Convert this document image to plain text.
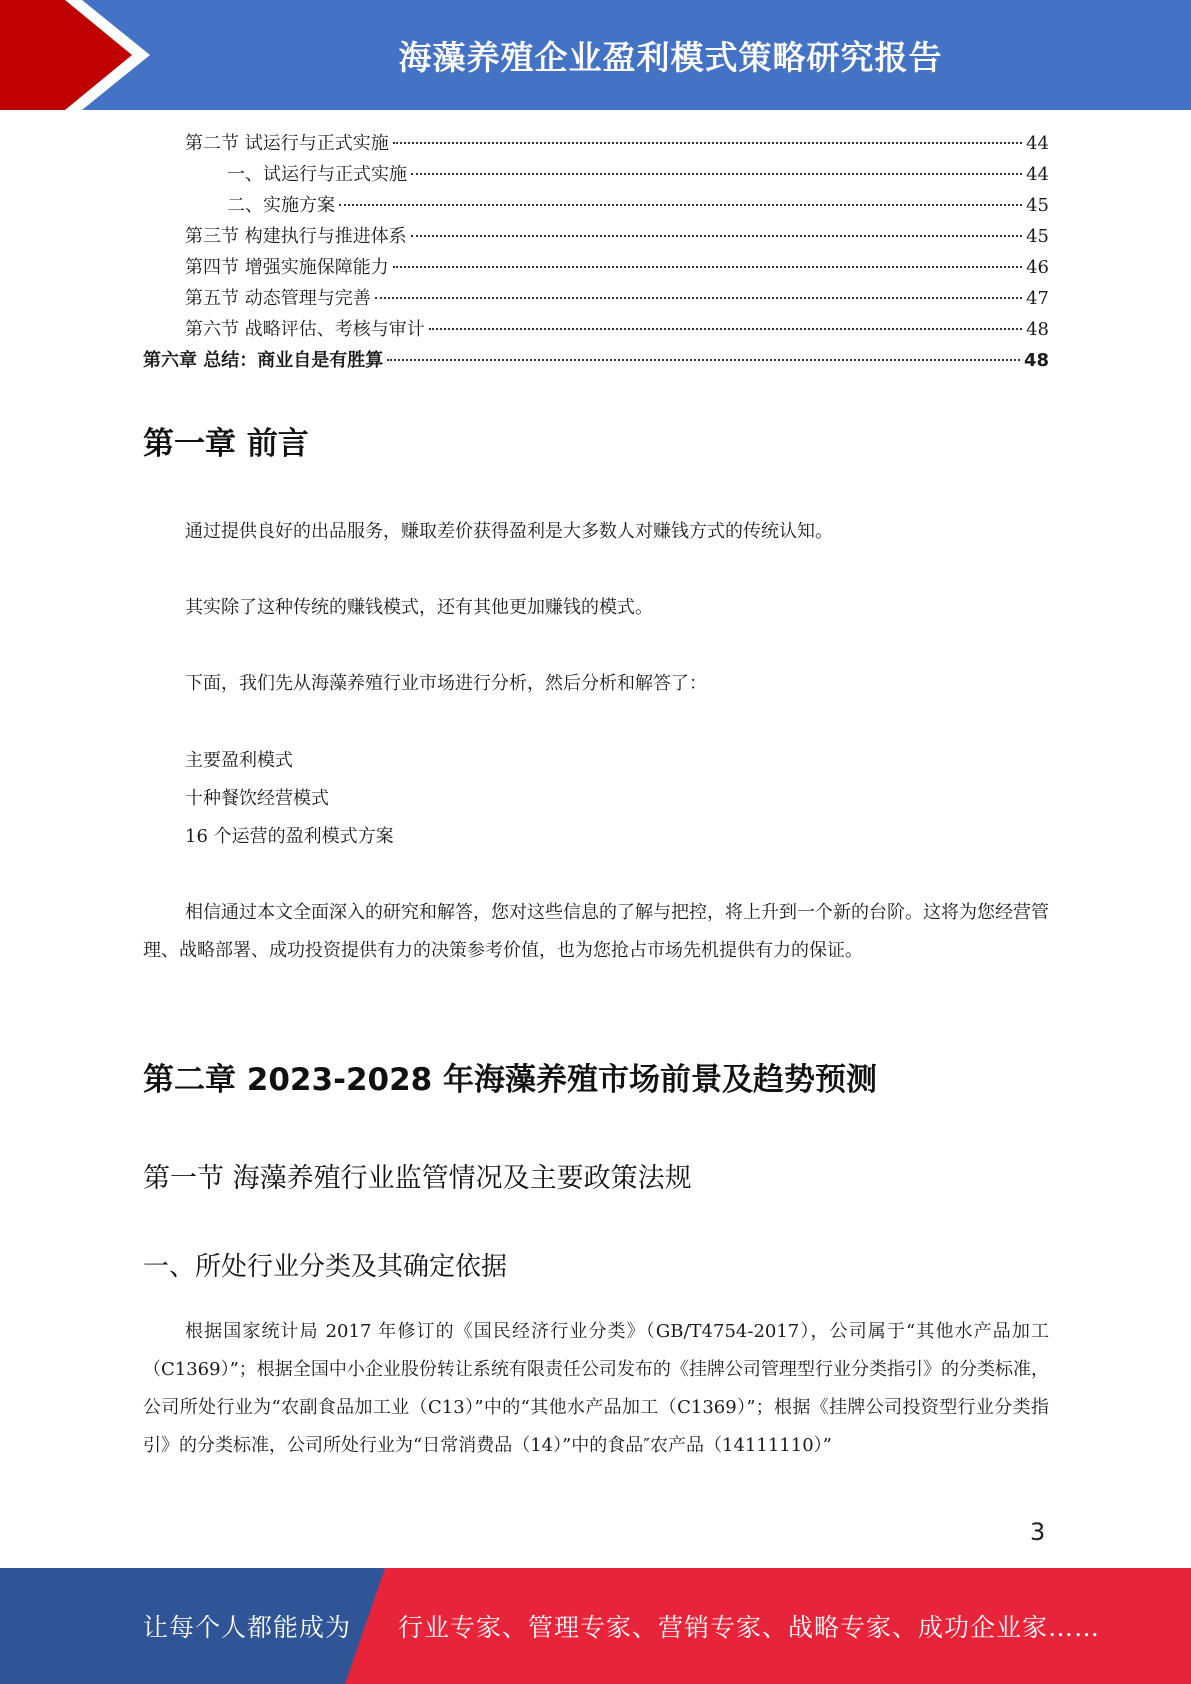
海藻养殖企业盈利模式策略研究报告
第二节 试运行与正式实施	44
一、试运行与正式实施	44
二、实施方案	45
第三节 构建执行与推进体系	45
第四节 增强实施保障能力	46
第五节 动态管理与完善	47
第六节 战略评估、考核与审计	48
第六章 总结：商业自是有胜算	48
第一章 前言

通过提供良好的出品服务，赚取差价获得盈利是大多数人对赚钱方式的传统认知。

其实除了这种传统的赚钱模式，还有其他更加赚钱的模式。

下面，我们先从海藻养殖行业市场进行分析，然后分析和解答了：

主要盈利模式

十种餐饮经营模式

16 个运营的盈利模式方案

相信通过本文全面深入的研究和解答，您对这些信息的了解与把控，将上升到一个新的台阶。这将为您经营管理、战略部署、成功投资提供有力的决策参考价值，也为您抢占市场先机提供有力的保证。

第二章 2023-2028 年海藻养殖市场前景及趋势预测
第一节 海藻养殖行业监管情况及主要政策法规
一、所处行业分类及其确定依据

根据国家统计局 2017 年修订的《国民经济行业分类》（GB/T4754-2017），公司属于“其他水产品加工（C1369）”；根据全国中小企业股份转让系统有限责任公司发布的《挂牌公司管理型行业分类指引》的分类标准，公司所处行业为“农副食品加工业（C13）”中的“其他水产品加工（C1369）”；根据《挂牌公司投资型行业分类指引》的分类标准，公司所处行业为“日常消费品（14）”中的食品″农产品（14111110）”

3
让每个人都能成为 行业专家、管理专家、营销专家、战略专家、成功企业家……
